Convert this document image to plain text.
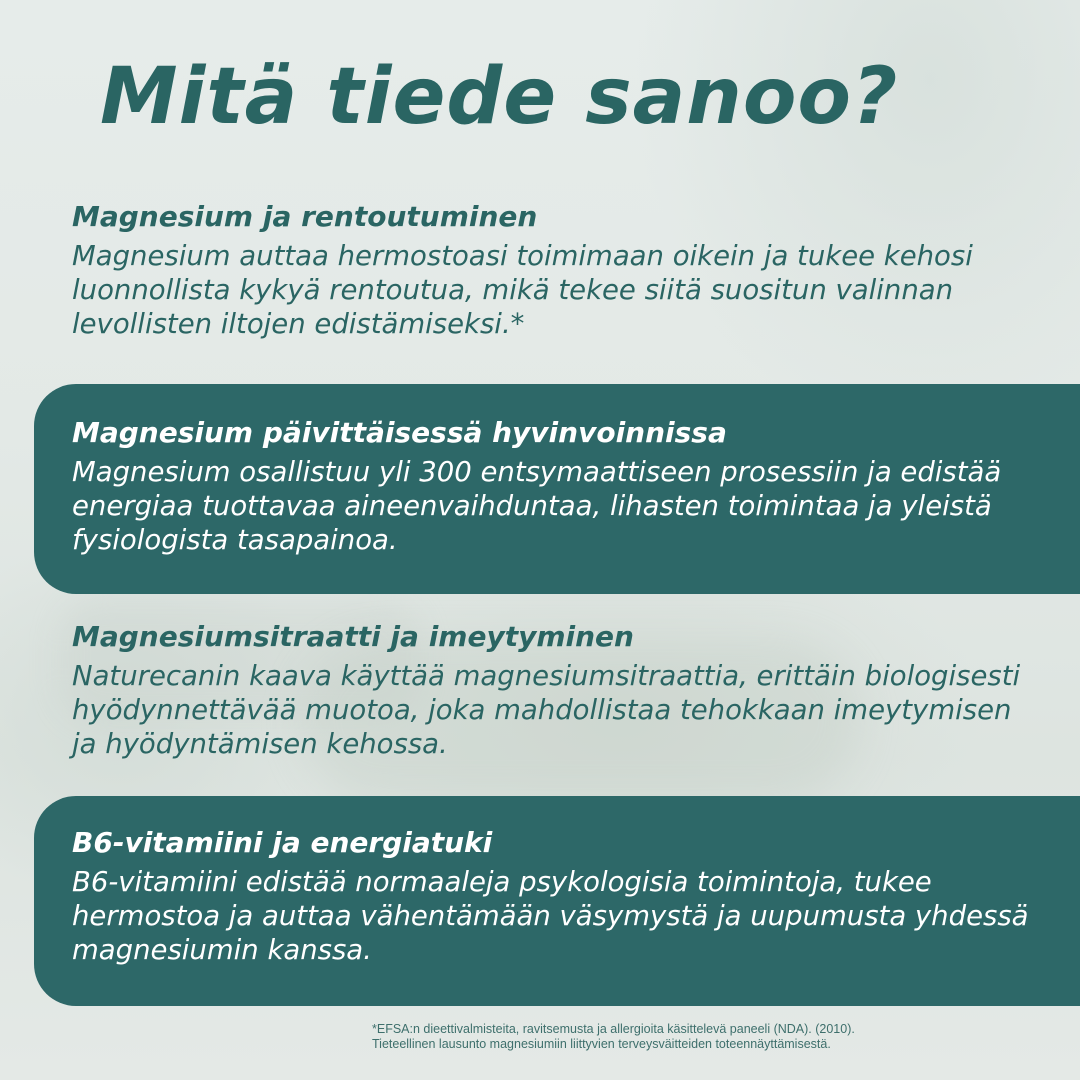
Mitä tiede sanoo?
Magnesium ja rentoutuminen

Magnesium auttaa hermostoasi toimimaan oikein ja tukee kehosi luonnollista kykyä rentoutua, mikä tekee siitä suositun valinnan levollisten iltojen edistämiseksi.*

Magnesium päivittäisessä hyvinvoinnissa

Magnesium osallistuu yli 300 entsymaattiseen prosessiin ja edistää energiaa tuottavaa aineenvaihduntaa, lihasten toimintaa ja yleistä fysiologista tasapainoa.

Magnesiumsitraatti ja imeytyminen

Naturecanin kaava käyttää magnesiumsitraattia, erittäin biologisesti hyödynnettävää muotoa, joka mahdollistaa tehokkaan imeytymisen ja hyödyntämisen kehossa.

B6-vitamiini ja energiatuki

B6-vitamiini edistää normaaleja psykologisia toimintoja, tukee hermostoa ja auttaa vähentämään väsymystä ja uupumusta yhdessä magnesiumin kanssa.

*EFSA:n dieettivalmisteita, ravitsemusta ja allergioita käsittelevä paneeli (NDA). (2010).
Tieteellinen lausunto magnesiumiin liittyvien terveysväitteiden toteennäyttämisestä.
